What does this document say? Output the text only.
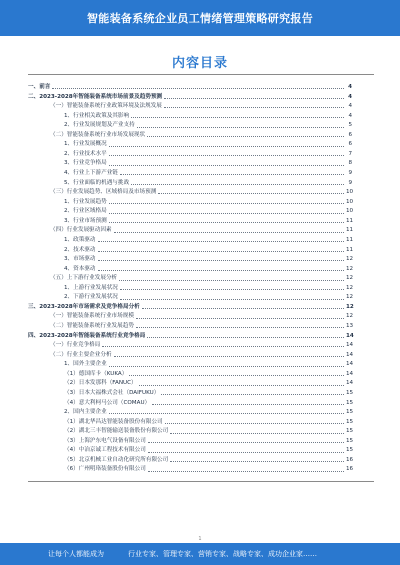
智能装备系统企业员工情绪管理策略研究报告
内容目录
一、前言	4
二、2023-2028年智能装备系统市场前景及趋势预测	4
（一）智能装备系统行业政策环境及法规发展	4
1、行业相关政策及其影响	4
2、行业发展规划及产业支持	5
（二）智能装备系统行业市场发展现状	6
1、行业发展概况	6
2、行业技术水平	7
3、行业竞争格局	8
4、行业上下游产业链	9
5、行业面临的机遇与挑战	9
（三）行业发展趋势、区域格局及市场预测	10
1、行业发展趋势	10
2、行业区域格局	10
3、行业市场预测	11
（四）行业发展驱动因素	11
1、政策驱动	11
2、技术驱动	11
3、市场驱动	12
4、资本驱动	12
（五）上下游行业发展分析	12
1、上游行业发展状况	12
2、下游行业发展状况	12
三、2023-2028年市场需求及竞争格局分析	12
（一）智能装备系统行业市场规模	12
（二）智能装备系统行业发展趋势	13
四、2023-2028年智能装备系统行业竞争格局	14
（一）行业竞争格局	14
（二）行业主要企业分析	14
1、国外主要企业	14
（1）德国库卡（KUKA）	14
（2）日本发那科（FANUC）	14
（3）日本大福株式会社（DAIFUKU）	15
（4）意大利柯马公司（COMAU）	15
2、国内主要企业	15
（1）湖北华昌达智能装备股份有限公司	15
（2）湖北三丰智能输送装备股份有限公司	15
（3）上海沪东电气设备有限公司	15
（4）中冶京诚工程技术有限公司	15
（5）北京机械工业自动化研究所有限公司	16
（6）广州明珞装备股份有限公司	16
1
让每个人都能成为	行业专家、管理专家、营销专家、战略专家、成功企业家……
